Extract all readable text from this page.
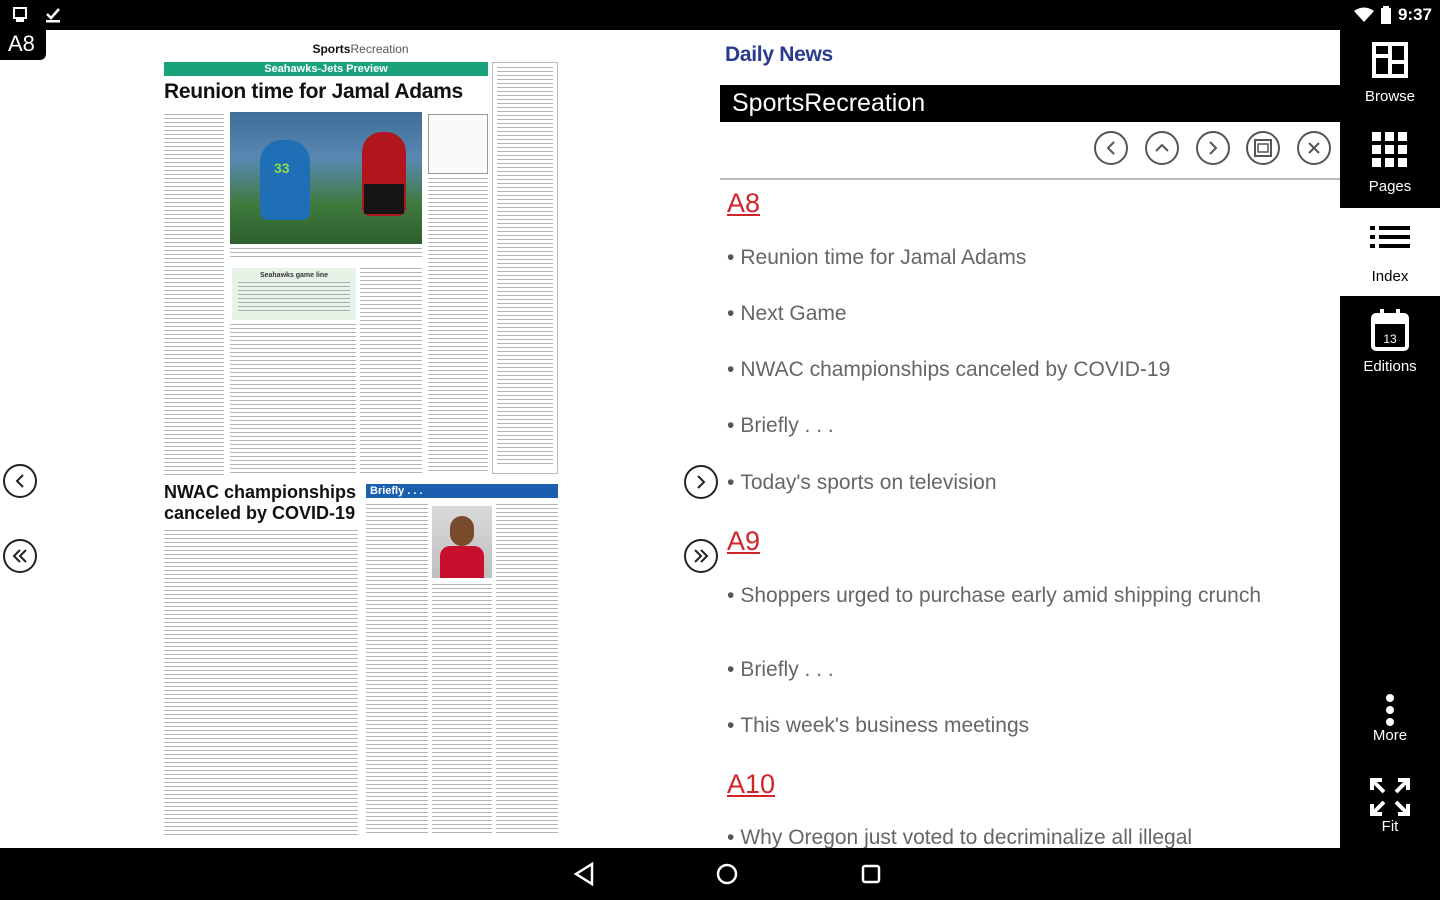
9:37
A8	SportsRecreation
Seahawks-Jets Preview
Reunion time for Jamal Adams
33
Seahawks game line
NWAC championships canceled by COVID-19
Briefly . . .
Daily News
SportsRecreation
A8
• Reunion time for Jamal Adams
• Next Game
• NWAC championships canceled by COVID-19
• Briefly . . .
• Today's sports on television
A9
• Shoppers urged to purchase early amid shipping crunch
• Briefly . . .
• This week's business meetings
A10
• Why Oregon just voted to decriminalize all illegal
Browse
Pages
Index
13
Editions
More
Fit
